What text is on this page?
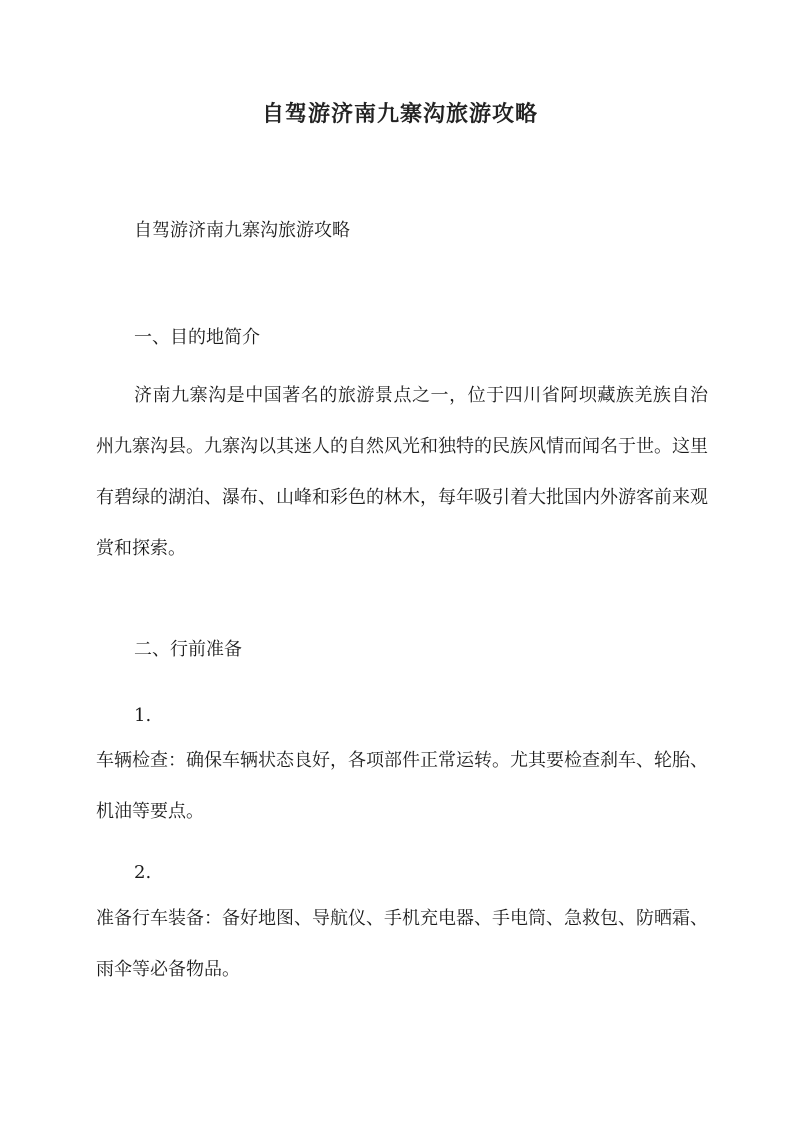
自驾游济南九寨沟旅游攻略
自驾游济南九寨沟旅游攻略
一、目的地简介
济南九寨沟是中国著名的旅游景点之一，位于四川省阿坝藏族羌族自治州九寨沟县。九寨沟以其迷人的自然风光和独特的民族风情而闻名于世。这里有碧绿的湖泊、瀑布、山峰和彩色的林木，每年吸引着大批国内外游客前来观赏和探索。
二、行前准备
1.
车辆检查：确保车辆状态良好，各项部件正常运转。尤其要检查刹车、轮胎、机油等要点。
2.
准备行车装备：备好地图、导航仪、手机充电器、手电筒、急救包、防晒霜、雨伞等必备物品。
